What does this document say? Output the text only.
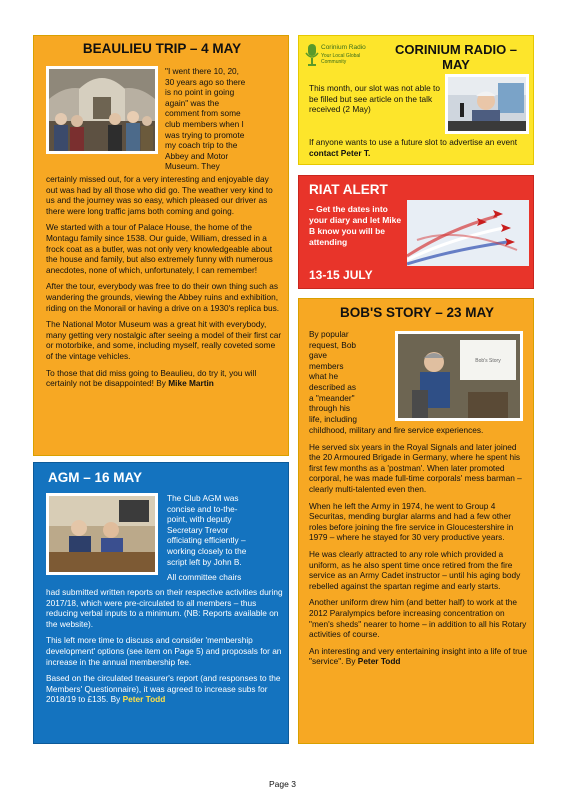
BEAULIEU TRIP – 4 MAY
"I went there 10, 20,
30 years ago so there
is no point in going
again" was the
comment from some
club members when I
was trying to promote
my coach trip to the
Abbey and Motor
Museum. They

certainly missed out, for a very interesting and enjoyable day out was had by all those who did go. The weather very kind to us and the journey was so easy, which pleased our driver as there were long traffic jams both coming and going.

We started with a tour of Palace House, the home of the Montagu family since 1538. Our guide, William, dressed in a frock coat as a butler, was not only very knowledgeable about the house and family, but also extremely funny with numerous anecdotes, none of which, unfortunately, I can remember!

After the tour, everybody was free to do their own thing such as wandering the grounds, viewing the Abbey ruins and exhibition, riding on the Monorail or having a drive on a 1930's replica bus.

The National Motor Museum was a great hit with everybody, many getting very nostalgic after seeing a model of their first car or motorbike, and some, including myself, really coveted some of the vintage vehicles.

To those that did miss going to Beaulieu, do try it, you will certainly not be disappointed! By Mike Martin

Corinium Radio
Your Local Global Community
CORINIUM RADIO –
MAY

This month, our slot was not able to be filled but see article on the talk received (2 May)

If anyone wants to use a future slot to advertise an event contact Peter T.
RIAT ALERT
– Get the dates into your diary and let Mike B know you will be attending
13-15 JULY
BOB'S STORY – 23 MAY
By popular
request, Bob
gave
members
what he
described as
a "meander"
through his
life, including
Bob's Story

childhood, military and fire service experiences.

He served six years in the Royal Signals and later joined the 20 Armoured Brigade in Germany, where he spent his first few months as a 'postman'. When later promoted corporal, he was made full-time corporals' mess barman – clearly multi-talented even then.

When he left the Army in 1974, he went to Group 4 Securitas, mending burglar alarms and had a few other roles before joining the fire service in Gloucestershire in 1979 – where he stayed for 30 very productive years.

He was clearly attracted to any role which provided a uniform, as he also spent time once retired from the fire service as an Army Cadet instructor – until his aging body rebelled against the spartan regime and early starts.

Another uniform drew him (and better half) to work at the 2012 Paralympics before increasing concentration on "men's sheds" nearer to home – in addition to all his Rotary activities of course.

An interesting and very entertaining insight into a life of true "service". By Peter Todd

AGM – 16 MAY
The Club AGM was
concise and to-the-
point, with deputy
Secretary Trevor
officiating efficiently –
working closely to the
script left by John B.
All committee chairs

had submitted written reports on their respective activities during 2017/18, which were pre-circulated to all members – thus reducing verbal inputs to a minimum. (NB: Reports available on the website).

This left more time to discuss and consider 'membership development' options (see item on Page 5) and proposals for an increase in the annual membership fee.

Based on the circulated treasurer's report (and responses to the Members' Questionnaire), it was agreed to increase subs for 2018/19 to £135. By Peter Todd

Page 3
